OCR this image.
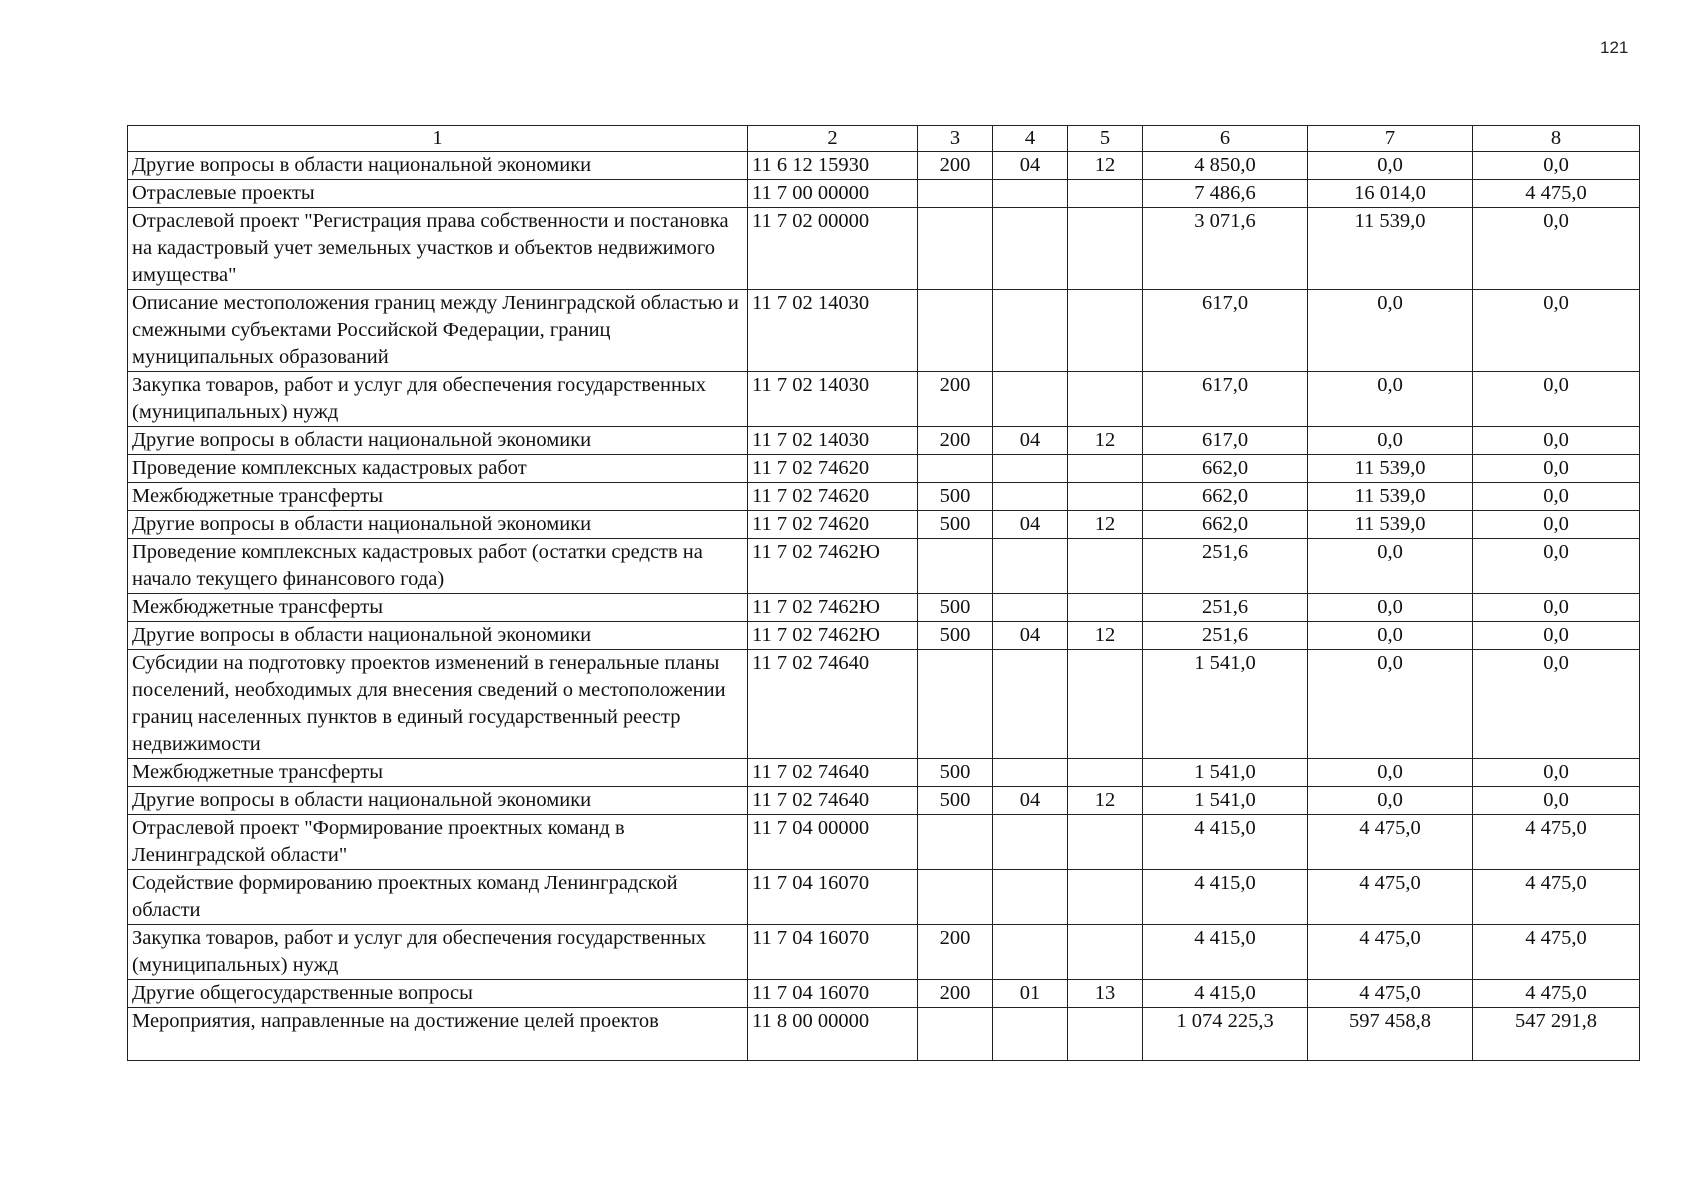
121
1	2	3	4	5	6	7	8
Другие вопросы в области национальной экономики	11 6 12 15930	200	04	12	4 850,0	0,0	0,0
Отраслевые проекты	11 7 00 00000				7 486,6	16 014,0	4 475,0
Отраслевой проект "Регистрация права собственности и постановка на кадастровый учет земельных участков и объектов недвижимого имущества"	11 7 02 00000				3 071,6	11 539,0	0,0
Описание местоположения границ между Ленинградской областью и смежными субъектами Российской Федерации, границ муниципальных образований	11 7 02 14030				617,0	0,0	0,0
Закупка товаров, работ и услуг для обеспечения государственных (муниципальных) нужд	11 7 02 14030	200			617,0	0,0	0,0
Другие вопросы в области национальной экономики	11 7 02 14030	200	04	12	617,0	0,0	0,0
Проведение комплексных кадастровых работ	11 7 02 74620				662,0	11 539,0	0,0
Межбюджетные трансферты	11 7 02 74620	500			662,0	11 539,0	0,0
Другие вопросы в области национальной экономики	11 7 02 74620	500	04	12	662,0	11 539,0	0,0
Проведение комплексных кадастровых работ (остатки средств на начало текущего финансового года)	11 7 02 7462Ю				251,6	0,0	0,0
Межбюджетные трансферты	11 7 02 7462Ю	500			251,6	0,0	0,0
Другие вопросы в области национальной экономики	11 7 02 7462Ю	500	04	12	251,6	0,0	0,0
Субсидии на подготовку проектов изменений в генеральные планы поселений, необходимых для внесения сведений о местоположении границ населенных пунктов в единый государственный реестр недвижимости	11 7 02 74640				1 541,0	0,0	0,0
Межбюджетные трансферты	11 7 02 74640	500			1 541,0	0,0	0,0
Другие вопросы в области национальной экономики	11 7 02 74640	500	04	12	1 541,0	0,0	0,0
Отраслевой проект "Формирование проектных команд в Ленинградской области"	11 7 04 00000				4 415,0	4 475,0	4 475,0
Содействие формированию проектных команд Ленинградской области	11 7 04 16070				4 415,0	4 475,0	4 475,0
Закупка товаров, работ и услуг для обеспечения государственных (муниципальных) нужд	11 7 04 16070	200			4 415,0	4 475,0	4 475,0
Другие общегосударственные вопросы	11 7 04 16070	200	01	13	4 415,0	4 475,0	4 475,0
Мероприятия, направленные на достижение целей проектов	11 8 00 00000				1 074 225,3	597 458,8	547 291,8
